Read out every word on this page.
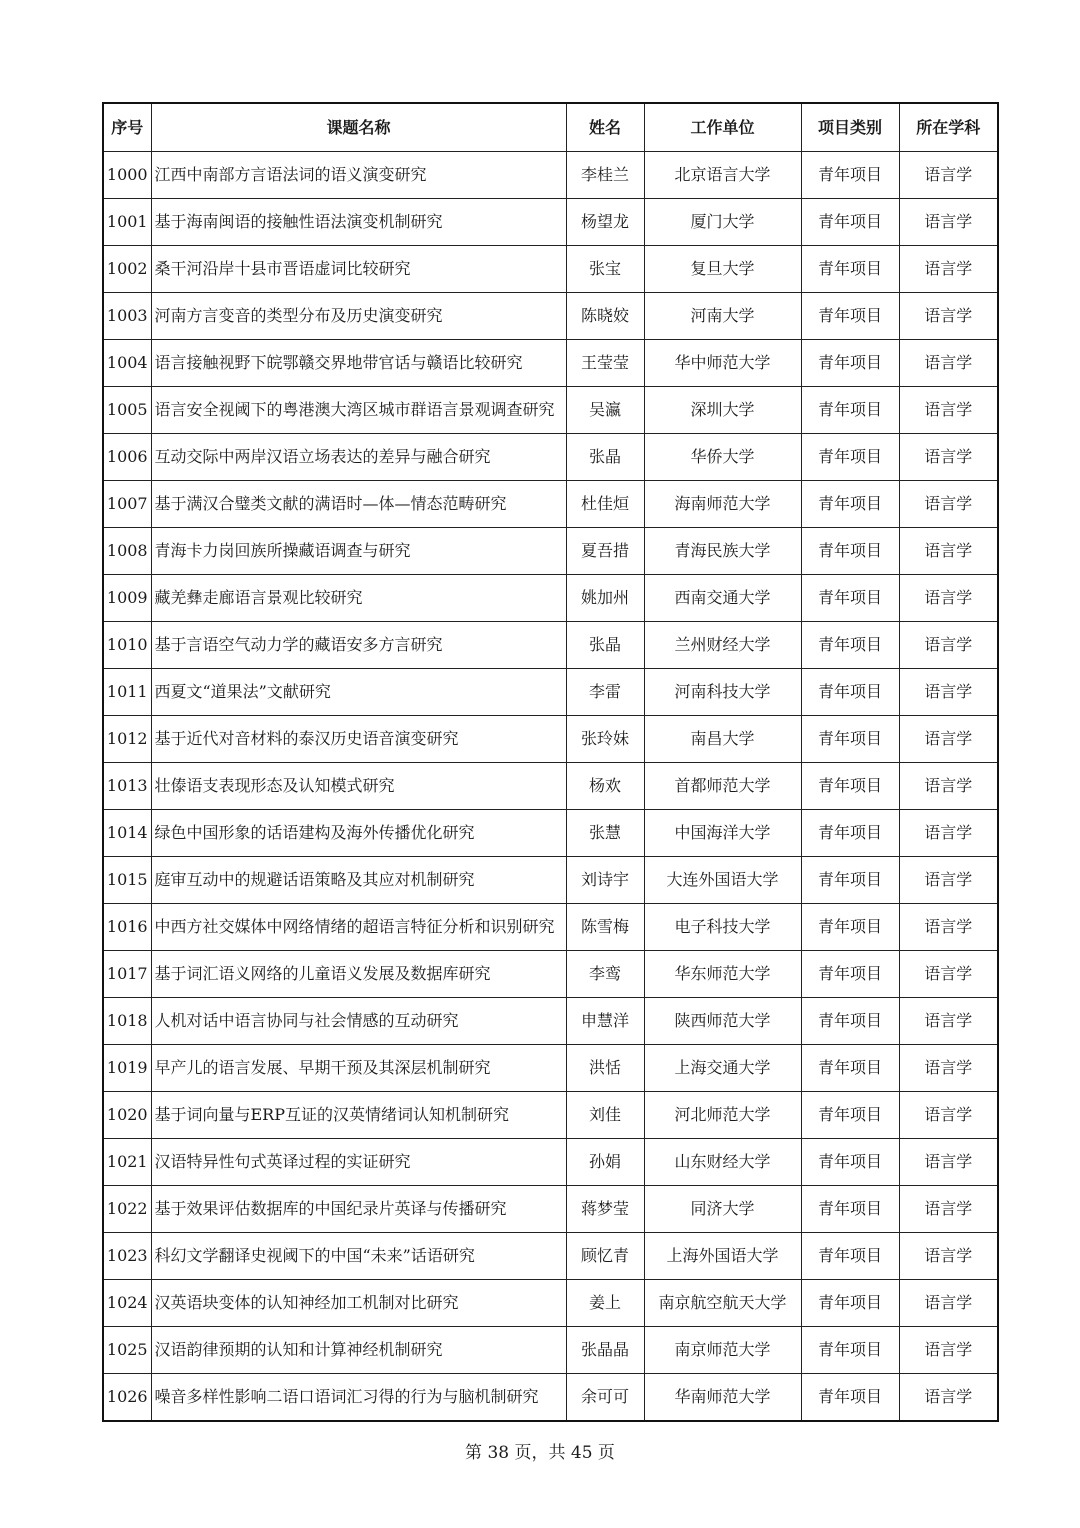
序号	课题名称	姓名	工作单位	项目类别	所在学科
1000	江西中南部方言语法词的语义演变研究	李桂兰	北京语言大学	青年项目	语言学
1001	基于海南闽语的接触性语法演变机制研究	杨望龙	厦门大学	青年项目	语言学
1002	桑干河沿岸十县市晋语虚词比较研究	张宝	复旦大学	青年项目	语言学
1003	河南方言变音的类型分布及历史演变研究	陈晓姣	河南大学	青年项目	语言学
1004	语言接触视野下皖鄂赣交界地带官话与赣语比较研究	王莹莹	华中师范大学	青年项目	语言学
1005	语言安全视阈下的粤港澳大湾区城市群语言景观调查研究	吴瀛	深圳大学	青年项目	语言学
1006	互动交际中两岸汉语立场表达的差异与融合研究	张晶	华侨大学	青年项目	语言学
1007	基于满汉合璧类文献的满语时—体—情态范畴研究	杜佳烜	海南师范大学	青年项目	语言学
1008	青海卡力岗回族所操藏语调查与研究	夏吾措	青海民族大学	青年项目	语言学
1009	藏羌彝走廊语言景观比较研究	姚加州	西南交通大学	青年项目	语言学
1010	基于言语空气动力学的藏语安多方言研究	张晶	兰州财经大学	青年项目	语言学
1011	西夏文“道果法”文献研究	李雷	河南科技大学	青年项目	语言学
1012	基于近代对音材料的泰汉历史语音演变研究	张玲妹	南昌大学	青年项目	语言学
1013	壮傣语支表现形态及认知模式研究	杨欢	首都师范大学	青年项目	语言学
1014	绿色中国形象的话语建构及海外传播优化研究	张慧	中国海洋大学	青年项目	语言学
1015	庭审互动中的规避话语策略及其应对机制研究	刘诗宇	大连外国语大学	青年项目	语言学
1016	中西方社交媒体中网络情绪的超语言特征分析和识别研究	陈雪梅	电子科技大学	青年项目	语言学
1017	基于词汇语义网络的儿童语义发展及数据库研究	李鸾	华东师范大学	青年项目	语言学
1018	人机对话中语言协同与社会情感的互动研究	申慧洋	陕西师范大学	青年项目	语言学
1019	早产儿的语言发展、早期干预及其深层机制研究	洪恬	上海交通大学	青年项目	语言学
1020	基于词向量与ERP互证的汉英情绪词认知机制研究	刘佳	河北师范大学	青年项目	语言学
1021	汉语特异性句式英译过程的实证研究	孙娟	山东财经大学	青年项目	语言学
1022	基于效果评估数据库的中国纪录片英译与传播研究	蒋梦莹	同济大学	青年项目	语言学
1023	科幻文学翻译史视阈下的中国“未来”话语研究	顾忆青	上海外国语大学	青年项目	语言学
1024	汉英语块变体的认知神经加工机制对比研究	姜上	南京航空航天大学	青年项目	语言学
1025	汉语韵律预期的认知和计算神经机制研究	张晶晶	南京师范大学	青年项目	语言学
1026	噪音多样性影响二语口语词汇习得的行为与脑机制研究	余可可	华南师范大学	青年项目	语言学
第 38 页，共 45 页
